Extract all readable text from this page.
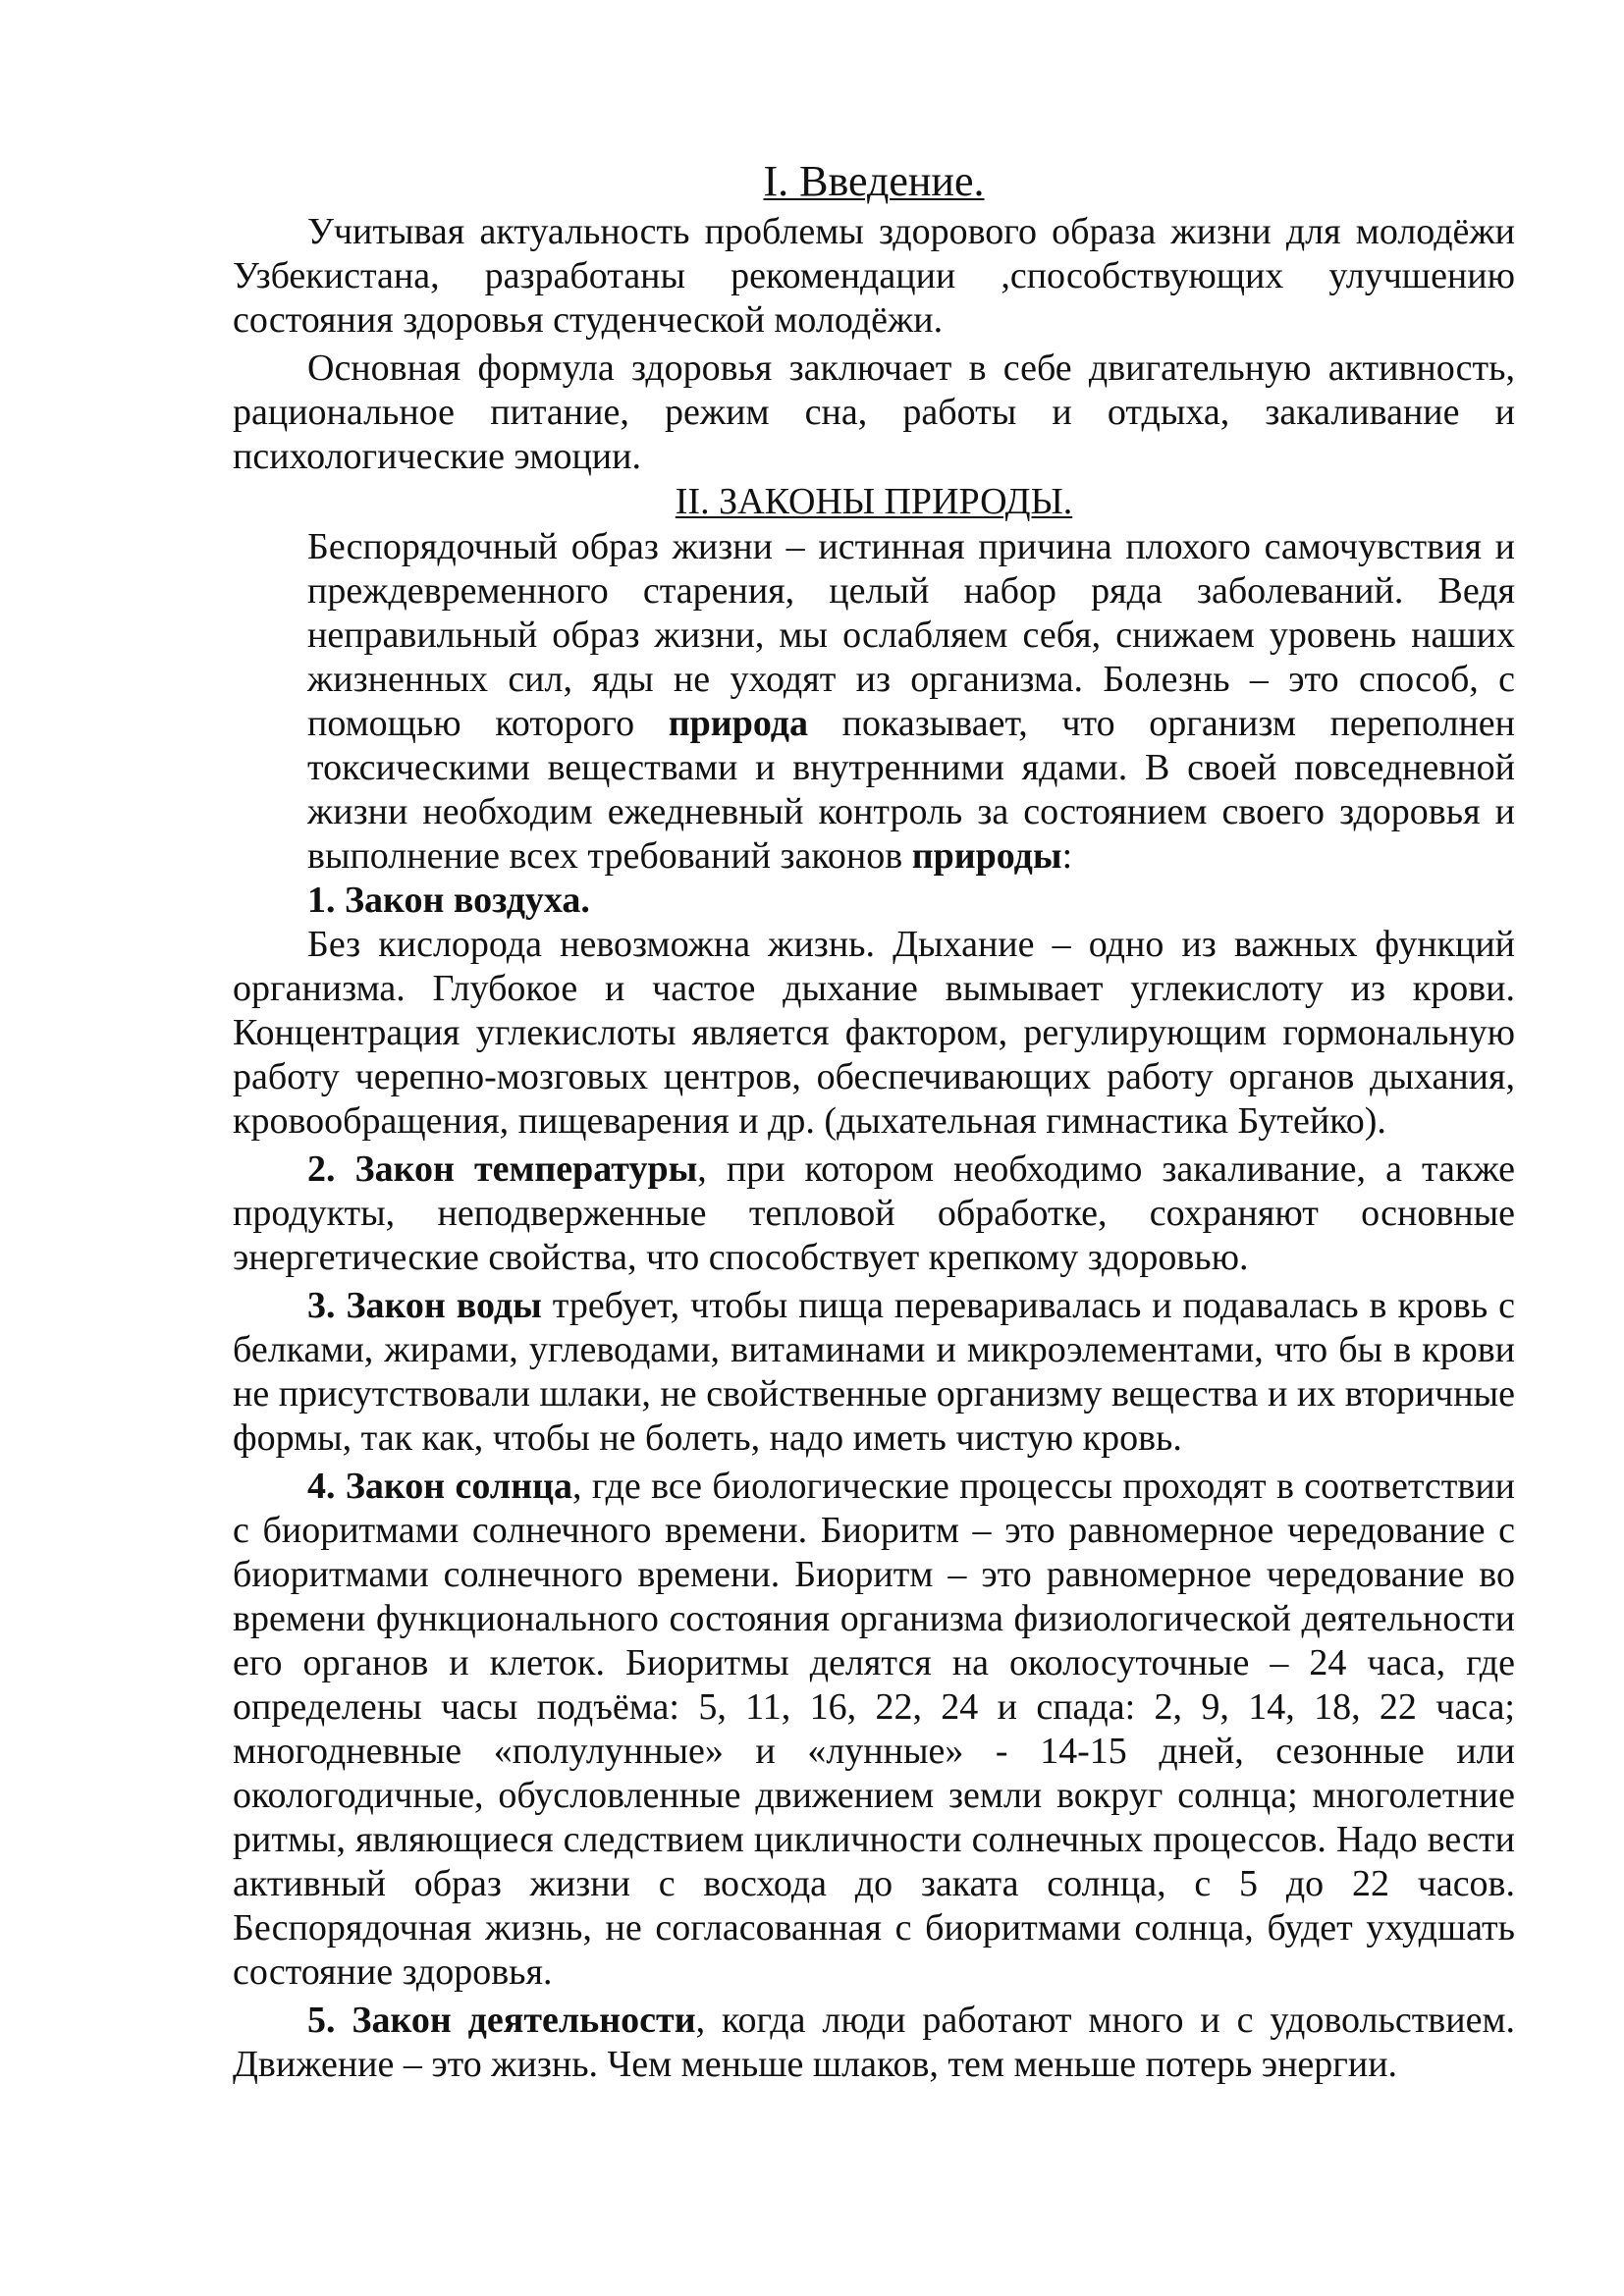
I. Введение.

Учитывая актуальность проблемы здорового образа жизни для молодёжи Узбекистана, разработаны рекомендации ,способствующих улучшению состояния здоровья студенческой молодёжи.

Основная формула здоровья заключает в себе двигательную активность, рациональное питание, режим сна, работы и отдыха, закаливание и психологические эмоции.

II. ЗАКОНЫ ПРИРОДЫ.

Беспорядочный образ жизни – истинная причина плохого самочувствия и преждевременного старения, целый набор ряда заболеваний. Ведя неправильный образ жизни, мы ослабляем себя, снижаем уровень наших жизненных сил, яды не уходят из организма. Болезнь – это способ, с помощью которого природа показывает, что организм переполнен токсическими веществами и внутренними ядами. В своей повседневной жизни необходим ежедневный контроль за состоянием своего здоровья и выполнение всех требований законов природы:

1. Закон воздуха.

Без кислорода невозможна жизнь. Дыхание – одно из важных функций организма. Глубокое и частое дыхание вымывает углекислоту из крови. Концентрация углекислоты является фактором, регулирующим гормональную работу черепно-мозговых центров, обеспечивающих работу органов дыхания, кровообращения, пищеварения и др. (дыхательная гимнастика Бутейко).

2. Закон температуры, при котором необходимо закаливание, а также продукты, неподверженные тепловой обработке, сохраняют основные энергетические свойства, что способствует крепкому здоровью.

3. Закон воды требует, чтобы пища переваривалась и подавалась в кровь с белками, жирами, углеводами, витаминами и микроэлементами, что бы в крови не присутствовали шлаки, не свойственные организму вещества и их вторичные формы, так как, чтобы не болеть, надо иметь чистую кровь.

4. Закон солнца, где все биологические процессы проходят в соответствии с биоритмами солнечного времени. Биоритм – это равномерное чередование с биоритмами солнечного времени. Биоритм – это равномерное чередование во времени функционального состояния организма физиологической деятельности его органов и клеток. Биоритмы делятся на околосуточные – 24 часа, где определены часы подъёма: 5, 11, 16, 22, 24 и спада: 2, 9, 14, 18, 22 часа; многодневные «полулунные» и «лунные» - 14-15 дней, сезонные или окологодичные, обусловленные движением земли вокруг солнца; многолетние ритмы, являющиеся следствием цикличности солнечных процессов. Надо вести активный образ жизни с восхода до заката солнца, с 5 до 22 часов. Беспорядочная жизнь, не согласованная с биоритмами солнца, будет ухудшать состояние здоровья.

5. Закон деятельности, когда люди работают много и с удовольствием. Движение – это жизнь. Чем меньше шлаков, тем меньше потерь энергии.
